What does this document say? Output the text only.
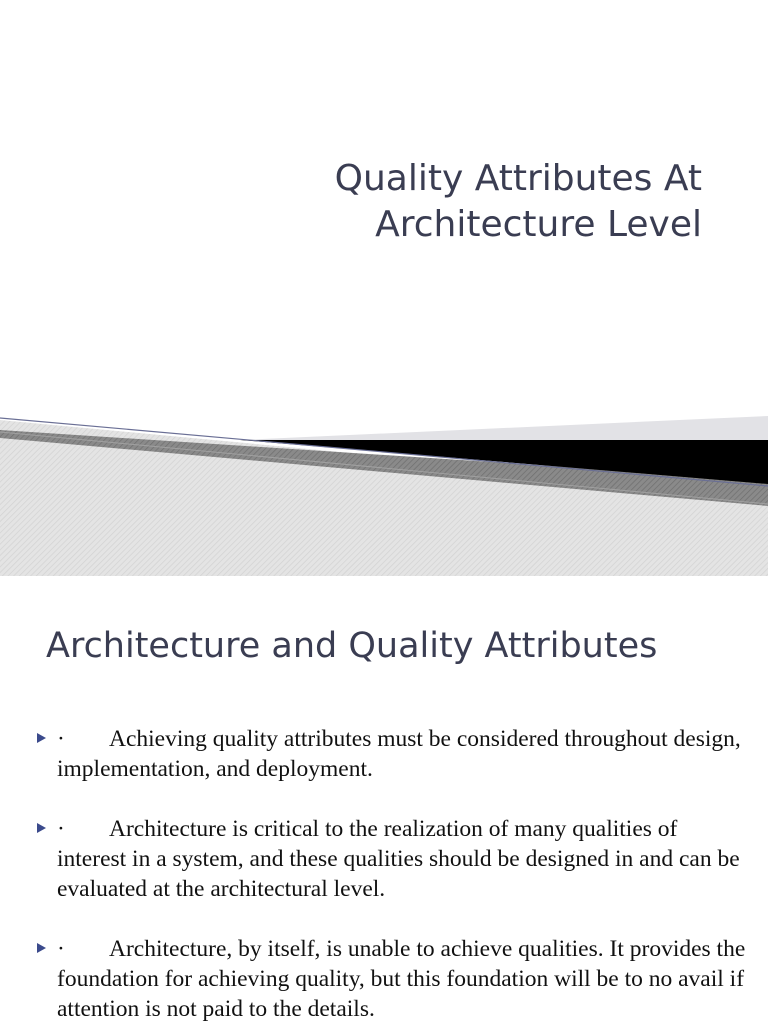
Quality Attributes At
Architecture Level
Architecture and Quality Attributes
· Achieving quality attributes must be considered throughout design, implementation, and deployment.
· Architecture is critical to the realization of many qualities of interest in a system, and these qualities should be designed in and can be evaluated at the architectural level.
· Architecture, by itself, is unable to achieve qualities. It provides the foundation for achieving quality, but this foundation will be to no avail if attention is not paid to the details.
